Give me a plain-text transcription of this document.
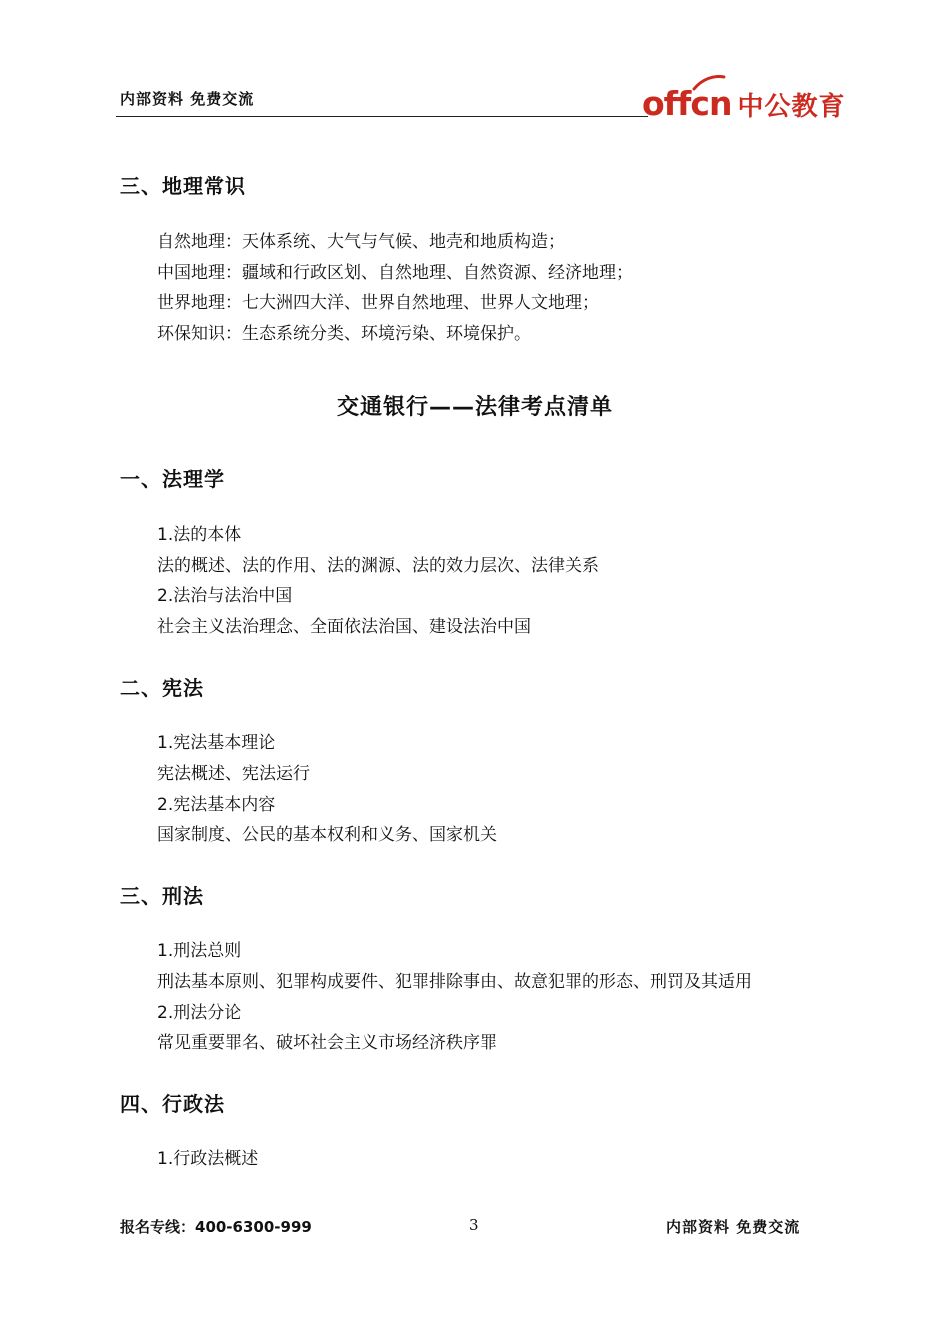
内部资料 免费交流	offcn 中公教育
三、地理常识
自然地理：天体系统、大气与气候、地壳和地质构造；
中国地理：疆域和行政区划、自然地理、自然资源、经济地理；
世界地理：七大洲四大洋、世界自然地理、世界人文地理；
环保知识：生态系统分类、环境污染、环境保护。
交通银行——法律考点清单
一、法理学
1.法的本体
法的概述、法的作用、法的渊源、法的效力层次、法律关系
2.法治与法治中国
社会主义法治理念、全面依法治国、建设法治中国
二、宪法
1.宪法基本理论
宪法概述、宪法运行
2.宪法基本内容
国家制度、公民的基本权利和义务、国家机关
三、刑法
1.刑法总则
刑法基本原则、犯罪构成要件、犯罪排除事由、故意犯罪的形态、刑罚及其适用
2.刑法分论
常见重要罪名、破坏社会主义市场经济秩序罪
四、行政法
1.行政法概述
报名专线：400-6300-999	3	内部资料 免费交流
